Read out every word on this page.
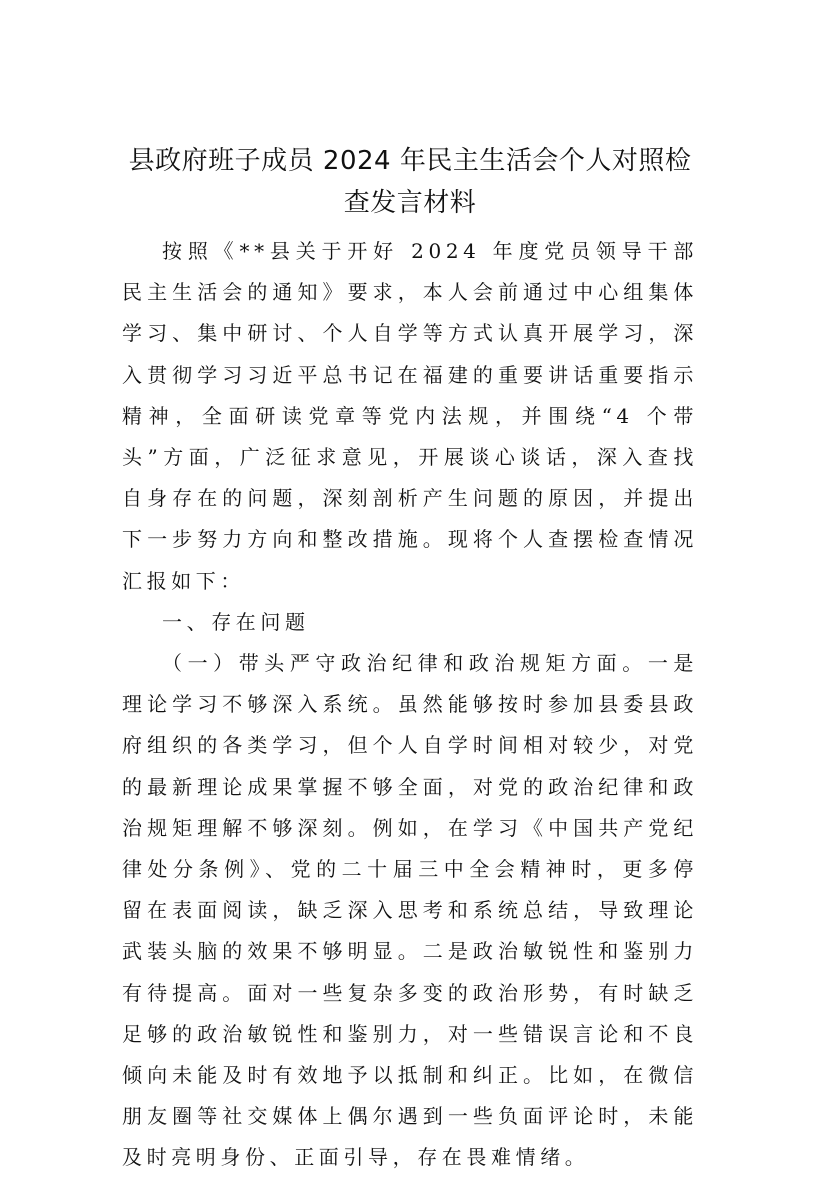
县政府班子成员 2024 年民主生活会个人对照检
查发言材料

按照《**县关于开好 2024 年度党员领导干部民主生活会的通知》要求，本人会前通过中心组集体学习、集中研讨、个人自学等方式认真开展学习，深入贯彻学习习近平总书记在福建的重要讲话重要指示精神，全面研读党章等党内法规，并围绕“4 个带头”方面，广泛征求意见，开展谈心谈话，深入查找自身存在的问题，深刻剖析产生问题的原因，并提出下一步努力方向和整改措施。现将个人查摆检查情况汇报如下：

一、存在问题

（一）带头严守政治纪律和政治规矩方面。一是理论学习不够深入系统。虽然能够按时参加县委县政府组织的各类学习，但个人自学时间相对较少，对党的最新理论成果掌握不够全面，对党的政治纪律和政治规矩理解不够深刻。例如，在学习《中国共产党纪律处分条例》、党的二十届三中全会精神时，更多停留在表面阅读，缺乏深入思考和系统总结，导致理论武装头脑的效果不够明显。二是政治敏锐性和鉴别力有待提高。面对一些复杂多变的政治形势，有时缺乏足够的政治敏锐性和鉴别力，对一些错误言论和不良倾向未能及时有效地予以抵制和纠正。比如，在微信朋友圈等社交媒体上偶尔遇到一些负面评论时，未能及时亮明身份、正面引导，存在畏难情绪。
